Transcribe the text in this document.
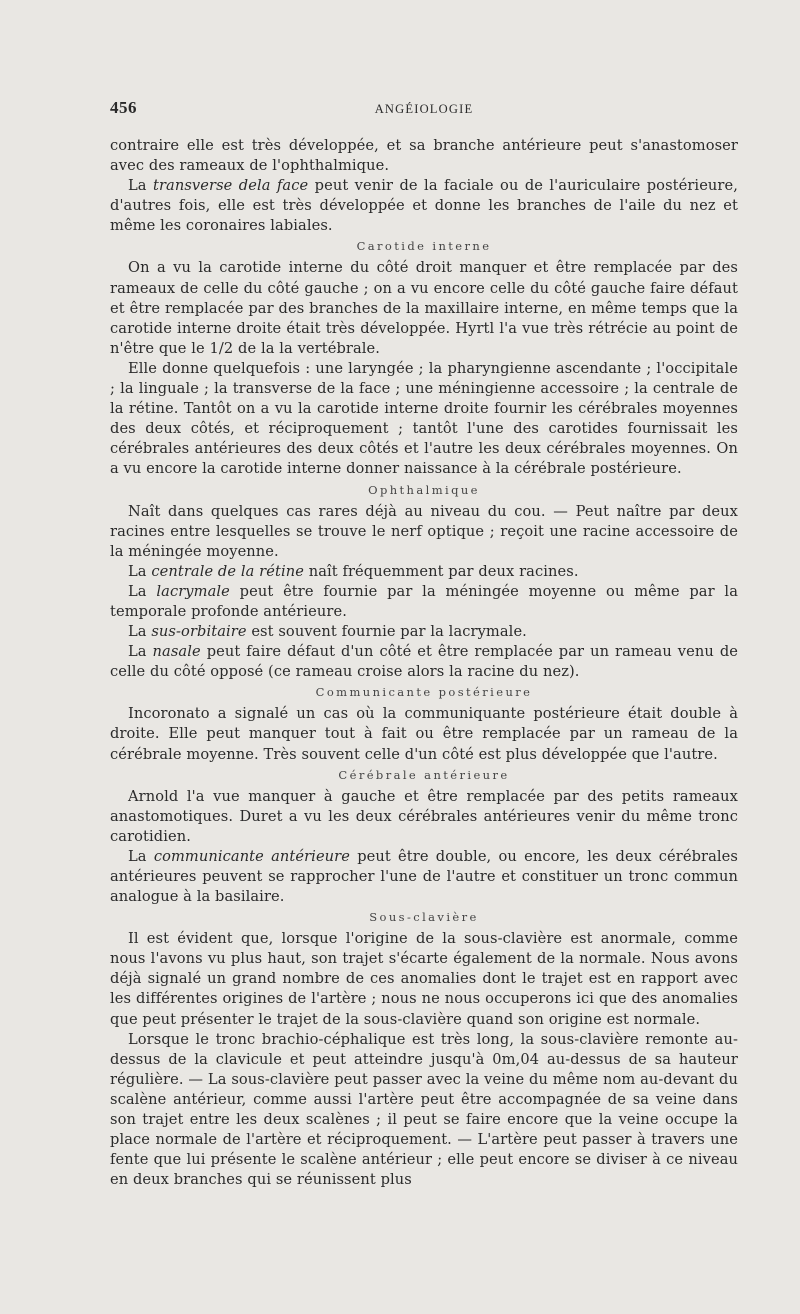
456	ANGÉIOLOGIE

contraire elle est très développée, et sa branche antérieure peut s'anastomoser avec des rameaux de l'ophthalmique.

La transverse dela face peut venir de la faciale ou de l'auriculaire postérieure, d'autres fois, elle est très développée et donne les branches de l'aile du nez et même les coronaires labiales.

Carotide interne

On a vu la carotide interne du côté droit manquer et être remplacée par des rameaux de celle du côté gauche ; on a vu encore celle du côté gauche faire défaut et être remplacée par des branches de la maxillaire interne, en même temps que la carotide interne droite était très développée. Hyrtl l'a vue très rétrécie au point de n'être que le 1/2 de la la vertébrale.

Elle donne quelquefois : une laryngée ; la pharyngienne ascendante ; l'occipitale ; la linguale ; la transverse de la face ; une méningienne accessoire ; la centrale de la rétine. Tantôt on a vu la carotide interne droite fournir les cérébrales moyennes des deux côtés, et réciproquement ; tantôt l'une des carotides fournissait les cérébrales antérieures des deux côtés et l'autre les deux cérébrales moyennes. On a vu encore la carotide interne donner naissance à la cérébrale postérieure.

Ophthalmique

Naît dans quelques cas rares déjà au niveau du cou. — Peut naître par deux racines entre lesquelles se trouve le nerf optique ; reçoit une racine accessoire de la méningée moyenne.

La centrale de la rétine naît fréquemment par deux racines.

La lacrymale peut être fournie par la méningée moyenne ou même par la temporale profonde antérieure.

La sus-orbitaire est souvent fournie par la lacrymale.

La nasale peut faire défaut d'un côté et être remplacée par un rameau venu de celle du côté opposé (ce rameau croise alors la racine du nez).

Communicante postérieure

Incoronato a signalé un cas où la communiquante postérieure était double à droite. Elle peut manquer tout à fait ou être remplacée par un rameau de la cérébrale moyenne. Très souvent celle d'un côté est plus développée que l'autre.

Cérébrale antérieure

Arnold l'a vue manquer à gauche et être remplacée par des petits rameaux anastomotiques. Duret a vu les deux cérébrales antérieures venir du même tronc carotidien.

La communicante antérieure peut être double, ou encore, les deux cérébrales antérieures peuvent se rapprocher l'une de l'autre et constituer un tronc commun analogue à la basilaire.

Sous-clavière

Il est évident que, lorsque l'origine de la sous-clavière est anormale, comme nous l'avons vu plus haut, son trajet s'écarte également de la normale. Nous avons déjà signalé un grand nombre de ces anomalies dont le trajet est en rapport avec les différentes origines de l'artère ; nous ne nous occuperons ici que des anomalies que peut présenter le trajet de la sous-clavière quand son origine est normale.

Lorsque le tronc brachio-céphalique est très long, la sous-clavière remonte au-dessus de la clavicule et peut atteindre jusqu'à 0m,04 au-dessus de sa hauteur régulière. — La sous-clavière peut passer avec la veine du même nom au-devant du scalène antérieur, comme aussi l'artère peut être accompagnée de sa veine dans son trajet entre les deux scalènes ; il peut se faire encore que la veine occupe la place normale de l'artère et réciproquement. — L'artère peut passer à travers une fente que lui présente le scalène antérieur ; elle peut encore se diviser à ce niveau en deux branches qui se réunissent plus
